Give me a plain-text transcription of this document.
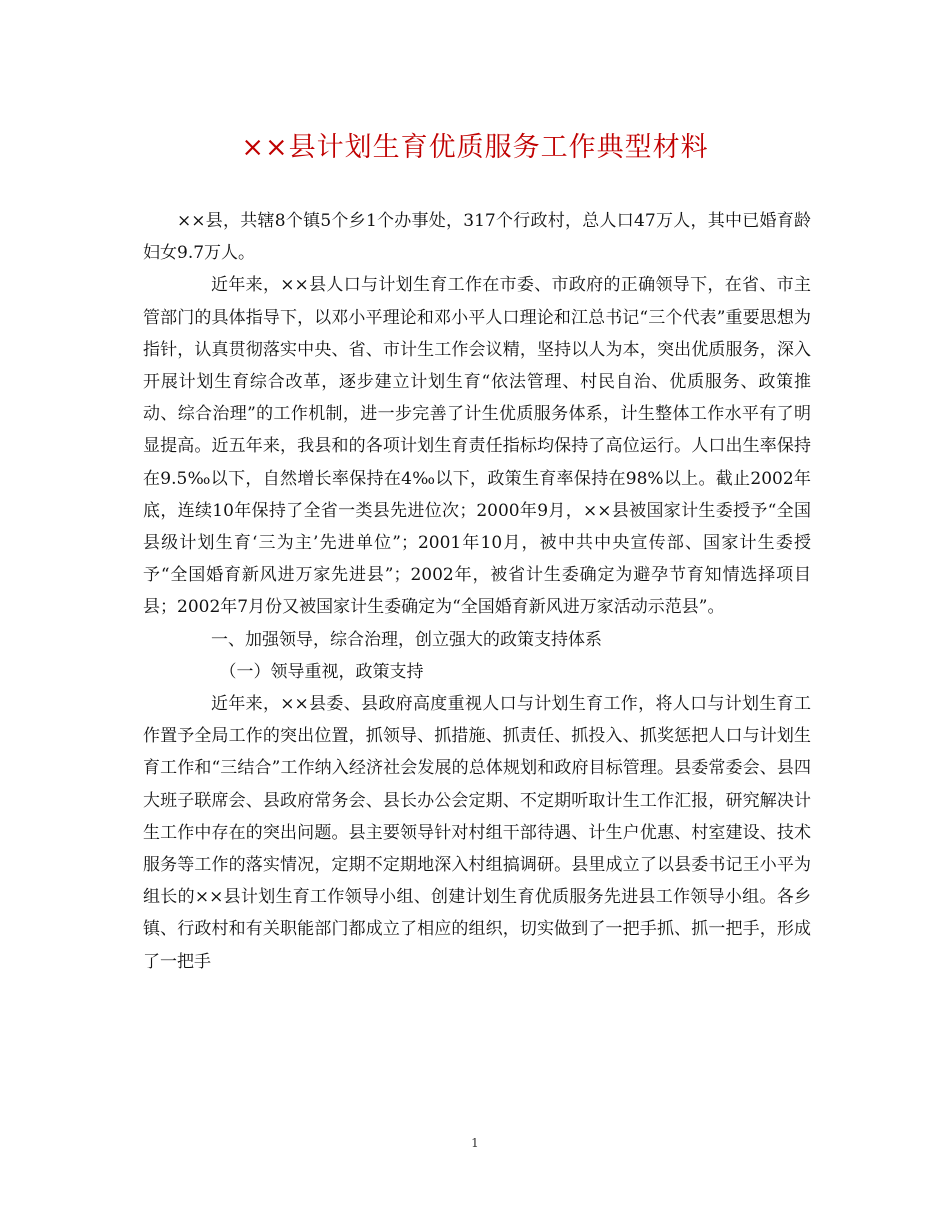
××县计划生育优质服务工作典型材料

××县，共辖8个镇5个乡1个办事处，317个行政村，总人口47万人，其中已婚育龄妇女9.7万人。

近年来，××县人口与计划生育工作在市委、市政府的正确领导下，在省、市主管部门的具体指导下，以邓小平理论和邓小平人口理论和江总书记“三个代表”重要思想为指针，认真贯彻落实中央、省、市计生工作会议精，坚持以人为本，突出优质服务，深入开展计划生育综合改革，逐步建立计划生育“依法管理、村民自治、优质服务、政策推动、综合治理”的工作机制，进一步完善了计生优质服务体系，计生整体工作水平有了明显提高。近五年来，我县和的各项计划生育责任指标均保持了高位运行。人口出生率保持在9.5‰以下，自然增长率保持在4‰以下，政策生育率保持在98%以上。截止2002年底，连续10年保持了全省一类县先进位次；2000年9月，××县被国家计生委授予“全国县级计划生育‘三为主’先进单位”；2001年10月，被中共中央宣传部、国家计生委授予“全国婚育新风进万家先进县”；2002年，被省计生委确定为避孕节育知情选择项目县；2002年7月份又被国家计生委确定为“全国婚育新风进万家活动示范县”。

一、加强领导，综合治理，创立强大的政策支持体系

（一）领导重视，政策支持

近年来，××县委、县政府高度重视人口与计划生育工作，将人口与计划生育工作置予全局工作的突出位置，抓领导、抓措施、抓责任、抓投入、抓奖惩把人口与计划生育工作和“三结合”工作纳入经济社会发展的总体规划和政府目标管理。县委常委会、县四大班子联席会、县政府常务会、县长办公会定期、不定期听取计生工作汇报，研究解决计生工作中存在的突出问题。县主要领导针对村组干部待遇、计生户优惠、村室建设、技术服务等工作的落实情况，定期不定期地深入村组搞调研。县里成立了以县委书记王小平为组长的××县计划生育工作领导小组、创建计划生育优质服务先进县工作领导小组。各乡镇、行政村和有关职能部门都成立了相应的组织，切实做到了一把手抓、抓一把手，形成了一把手

1
